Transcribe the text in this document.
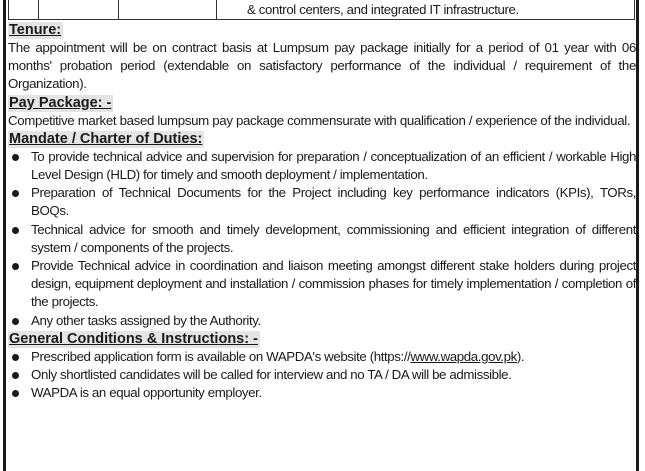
& control centers, and integrated IT infrastructure.
Tenure:

The appointment will be on contract basis at Lumpsum pay package initially for a period of 01 year with 06 months' probation period (extendable on satisfactory performance of the individual / requirement of the Organization).

Pay Package: -

Competitive market based lumpsum pay package commensurate with qualification / experience of the individual.

Mandate / Charter of Duties:
To provide technical advice and supervision for preparation / conceptualization of an efficient / workable High Level Design (HLD) for timely and smooth deployment / implementation.
Preparation of Technical Documents for the Project including key performance indicators (KPIs), TORs, BOQs.
Technical advice for smooth and timely development, commissioning and efficient integration of different system / components of the projects.
Provide Technical advice in coordination and liaison meeting amongst different stake holders during project design, equipment deployment and installation / commission phases for timely implementation / completion of the projects.
Any other tasks assigned by the Authority.
General Conditions & Instructions: -
Prescribed application form is available on WAPDA's website (https://www.wapda.gov.pk).
Only shortlisted candidates will be called for interview and no TA / DA will be admissible.
WAPDA is an equal opportunity employer.
